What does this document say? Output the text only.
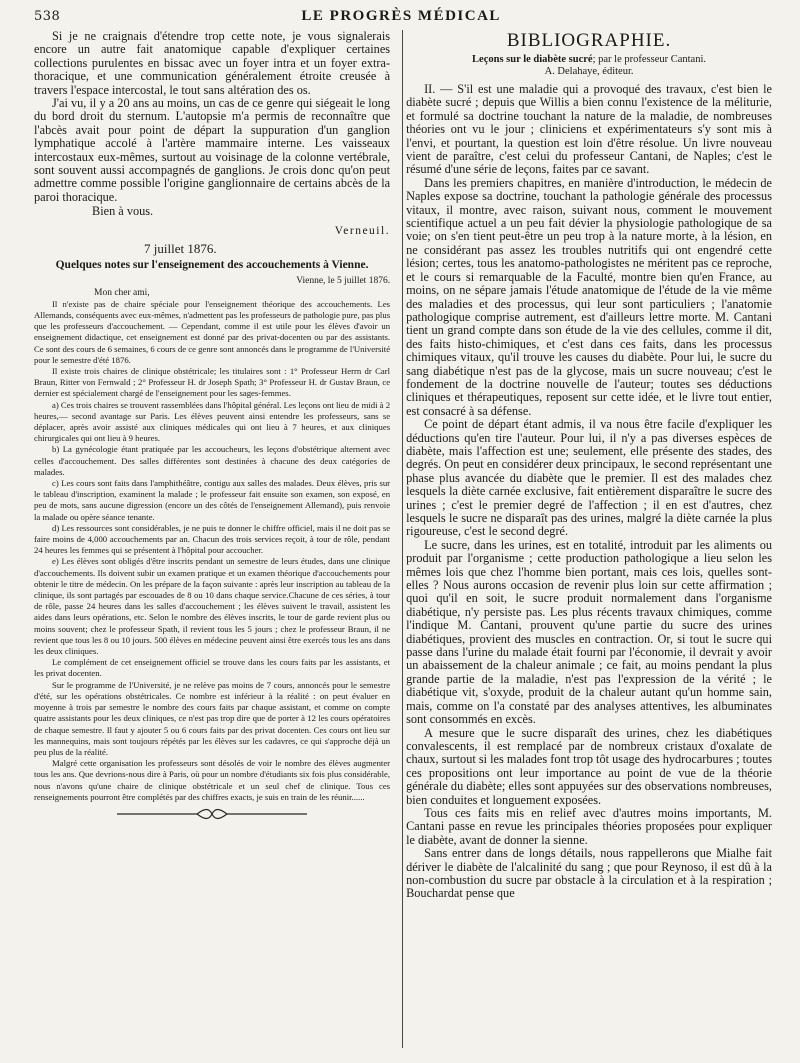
538	LE PROGRÈS MÉDICAL

Si je ne craignais d'étendre trop cette note, je vous signalerais encore un autre fait anatomique capable d'expliquer certaines collections purulentes en bissac avec un foyer intra et un foyer extra-thoracique, et une communication généralement étroite creusée à travers l'espace intercostal, le tout sans altération des os.

J'ai vu, il y a 20 ans au moins, un cas de ce genre qui siégeait le long du bord droit du sternum. L'autopsie m'a permis de reconnaître que l'abcès avait pour point de départ la suppuration d'un ganglion lymphatique accolé à l'artère mammaire interne. Les vaisseaux intercostaux eux-mêmes, surtout au voisinage de la colonne vertébrale, sont souvent aussi accompagnés de ganglions. Je crois donc qu'on peut admettre comme possible l'origine ganglionnaire de certains abcès de la paroi thoracique.

Bien à vous.

Verneuil.

7 juillet 1876.

Quelques notes sur l'enseignement des accouchements à Vienne.

Vienne, le 5 juillet 1876.

Mon cher ami,

Il n'existe pas de chaire spéciale pour l'enseignement théorique des accouchements. Les Allemands, conséquents avec eux-mêmes, n'admettent pas les professeurs de pathologie pure, pas plus que les professeurs d'accouchement. — Cependant, comme il est utile pour les élèves d'avoir un enseignement didactique, cet enseignement est donné par des privat-docenten ou par des assistants. Ce sont des cours de 6 semaines, 6 cours de ce genre sont annoncés dans le programme de l'Université pour le semestre d'été 1876.

Il existe trois chaires de clinique obstétricale; les titulaires sont : 1° Professeur Herrn dr Carl Braun, Ritter von Fernwald ; 2° Professeur H. dr Joseph Spath; 3° Professeur H. dr Gustav Braun, ce dernier est spécialement chargé de l'enseignement pour les sages-femmes.

a) Ces trois chaires se trouvent rassemblées dans l'hôpital général. Les leçons ont lieu de midi à 2 heures,— second avantage sur Paris. Les élèves peuvent ainsi entendre les professeurs, sans se déplacer, après avoir assisté aux cliniques médicales qui ont lieu à 7 heures, et aux cliniques chirurgicales qui ont lieu à 9 heures.

b) La gynécologie étant pratiquée par les accoucheurs, les leçons d'obstétrique alternent avec celles d'accouchement. Des salles différentes sont destinées à chacune des deux catégories de malades.

c) Les cours sont faits dans l'amphithéâtre, contigu aux salles des malades. Deux élèves, pris sur le tableau d'inscription, examinent la malade ; le professeur fait ensuite son examen, son exposé, en peu de mots, sans aucune digression (encore un des côtés de l'enseignement Allemand), puis renvoie la malade ou opère séance tenante.

d) Les ressources sont considérables, je ne puis te donner le chiffre officiel, mais il ne doit pas se faire moins de 4,000 accouchements par an. Chacun des trois services reçoit, à tour de rôle, pendant 24 heures les femmes qui se présentent à l'hôpital pour accoucher.

e) Les élèves sont obligés d'être inscrits pendant un semestre de leurs études, dans une clinique d'accouchements. Ils doivent subir un examen pratique et un examen théorique d'accouchements pour obtenir le titre de médecin. On les prépare de la façon suivante : après leur inscription au tableau de la clinique, ils sont partagés par escouades de 8 ou 10 dans chaque service.Chacune de ces séries, à tour de rôle, passe 24 heures dans les salles d'accouchement ; les élèves suivent le travail, assistent les aides dans leurs opérations, etc. Selon le nombre des élèves inscrits, le tour de garde revient plus ou moins souvent; chez le professeur Spath, il revient tous les 5 jours ; chez le professeur Braun, il ne revient que tous les 8 ou 10 jours. 500 élèves en médecine peuvent ainsi être exercés tous les ans dans les deux cliniques.

Le complément de cet enseignement officiel se trouve dans les cours faits par les assistants, et les privat docenten.

Sur le programme de l'Université, je ne relève pas moins de 7 cours, annoncés pour le semestre d'été, sur les opérations obstétricales. Ce nombre est inférieur à la réalité : on peut évaluer en moyenne à trois par semestre le nombre des cours faits par chaque assistant, et comme on compte quatre assistants pour les deux cliniques, ce n'est pas trop dire que de porter à 12 les cours opératoires de chaque semestre. Il faut y ajouter 5 ou 6 cours faits par des privat docenten. Ces cours ont lieu sur les mannequins, mais sont toujours répétés par les élèves sur les cadavres, ce qui s'approche déjà un peu plus de la réalité.

Malgré cette organisation les professeurs sont désolés de voir le nombre des élèves augmenter tous les ans. Que devrions-nous dire à Paris, où pour un nombre d'étudiants six fois plus considérable, nous n'avons qu'une chaire de clinique obstétricale et un seul chef de clinique. Tous ces renseignements pourront être complétés par des chiffres exacts, je suis en train de les réunir......

BIBLIOGRAPHIE.

Leçons sur le diabète sucré; par le professeur Cantani.

A. Delahaye, éditeur.

II. — S'il est une maladie qui a provoqué des travaux, c'est bien le diabète sucré ; depuis que Willis a bien connu l'existence de la méliturie, et formulé sa doctrine touchant la nature de la maladie, de nombreuses théories ont vu le jour ; cliniciens et expérimentateurs s'y sont mis à l'envi, et pourtant, la question est loin d'être résolue. Un livre nouveau vient de paraître, c'est celui du professeur Cantani, de Naples; c'est le résumé d'une série de leçons, faites par ce savant.

Dans les premiers chapitres, en manière d'introduction, le médecin de Naples expose sa doctrine, touchant la pathologie générale des processus vitaux, il montre, avec raison, suivant nous, comment le mouvement scientifique actuel a un peu fait dévier la physiologie pathologique de sa voie; on s'en tient peut-être un peu trop à la nature morte, à la lésion, en ne considérant pas assez les troubles nutritifs qui ont engendré cette lésion; certes, tous les anatomo-pathologistes ne méritent pas ce reproche, et le cours si remarquable de la Faculté, montre bien qu'en France, au moins, on ne sépare jamais l'étude anatomique de l'étude de la vie même des maladies et des processus, qui leur sont particuliers ; l'anatomie pathologique comprise autrement, est d'ailleurs lettre morte. M. Cantani tient un grand compte dans son étude de la vie des cellules, comme il dit, des faits histo-chimiques, et c'est dans ces faits, dans les processus chimiques vitaux, qu'il trouve les causes du diabète. Pour lui, le sucre du sang diabétique n'est pas de la glycose, mais un sucre nouveau; c'est le fondement de la doctrine nouvelle de l'auteur; toutes ses déductions cliniques et thérapeutiques, reposent sur cette idée, et le livre tout entier, est consacré à sa défense.

Ce point de départ étant admis, il va nous être facile d'expliquer les déductions qu'en tire l'auteur. Pour lui, il n'y a pas diverses espèces de diabète, mais l'affection est une; seulement, elle présente des stades, des degrés. On peut en considérer deux principaux, le second représentant une phase plus avancée du diabète que le premier. Il est des malades chez lesquels la diète carnée exclusive, fait entièrement disparaître le sucre des urines ; c'est le premier degré de l'affection ; il en est d'autres, chez lesquels le sucre ne disparaît pas des urines, malgré la diète carnée la plus rigoureuse, c'est le second degré.

Le sucre, dans les urines, est en totalité, introduit par les aliments ou produit par l'organisme ; cette production pathologique a lieu selon les mêmes lois que chez l'homme bien portant, mais ces lois, quelles sont-elles ? Nous aurons occasion de revenir plus loin sur cette affirmation ; quoi qu'il en soit, le sucre produit normalement dans l'organisme diabétique, n'y persiste pas. Les plus récents travaux chimiques, comme l'indique M. Cantani, prouvent qu'une partie du sucre des urines diabétiques, provient des muscles en contraction. Or, si tout le sucre qui passe dans l'urine du malade était fourni par l'économie, il devrait y avoir un abaissement de la chaleur animale ; ce fait, au moins pendant la plus grande partie de la maladie, n'est pas l'expression de la vérité ; le diabétique vit, s'oxyde, produit de la chaleur autant qu'un homme sain, mais, comme on l'a constaté par des analyses attentives, les albuminates sont consommés en excès.

A mesure que le sucre disparaît des urines, chez les diabétiques convalescents, il est remplacé par de nombreux cristaux d'oxalate de chaux, surtout si les malades font trop tôt usage des hydrocarbures ; toutes ces propositions ont leur importance au point de vue de la théorie générale du diabète; elles sont appuyées sur des observations nombreuses, bien conduites et longuement exposées.

Tous ces faits mis en relief avec d'autres moins importants, M. Cantani passe en revue les principales théories proposées pour expliquer le diabète, avant de donner la sienne.

Sans entrer dans de longs détails, nous rappellerons que Mialhe fait dériver le diabète de l'alcalinité du sang ; que pour Reynoso, il est dû à la non-combustion du sucre par obstacle à la circulation et à la respiration ; Bouchardat pense que
